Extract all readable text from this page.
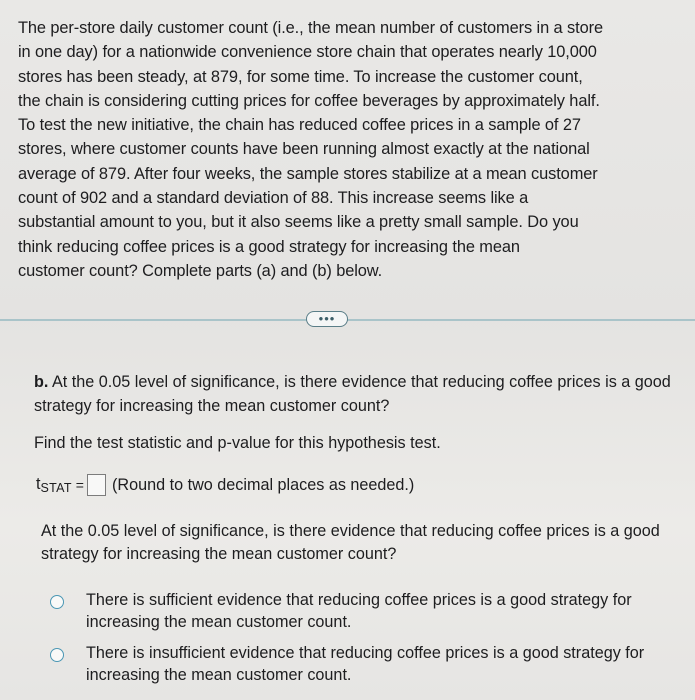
The per-store daily customer count (i.e., the mean number of customers in a store
in one day) for a nationwide convenience store chain that operates nearly 10,000
stores has been steady, at 879, for some time. To increase the customer count,
the chain is considering cutting prices for coffee beverages by approximately half.
To test the new initiative, the chain has reduced coffee prices in a sample of 27
stores, where customer counts have been running almost exactly at the national
average of 879. After four weeks, the sample stores stabilize at a mean customer
count of 902 and a standard deviation of 88. This increase seems like a
substantial amount to you, but it also seems like a pretty small sample. Do you
think reducing coffee prices is a good strategy for increasing the mean
customer count? Complete parts (a) and (b) below.
•••
b. At the 0.05 level of significance, is there evidence that reducing coffee prices is a good strategy for increasing the mean customer count?
Find the test statistic and p-value for this hypothesis test.
$t_{STAT}$ = (Round to two decimal places as needed.)
At the 0.05 level of significance, is there evidence that reducing coffee prices is a good strategy for increasing the mean customer count?
There is sufficient evidence that reducing coffee prices is a good strategy for increasing the mean customer count.
There is insufficient evidence that reducing coffee prices is a good strategy for increasing the mean customer count.
